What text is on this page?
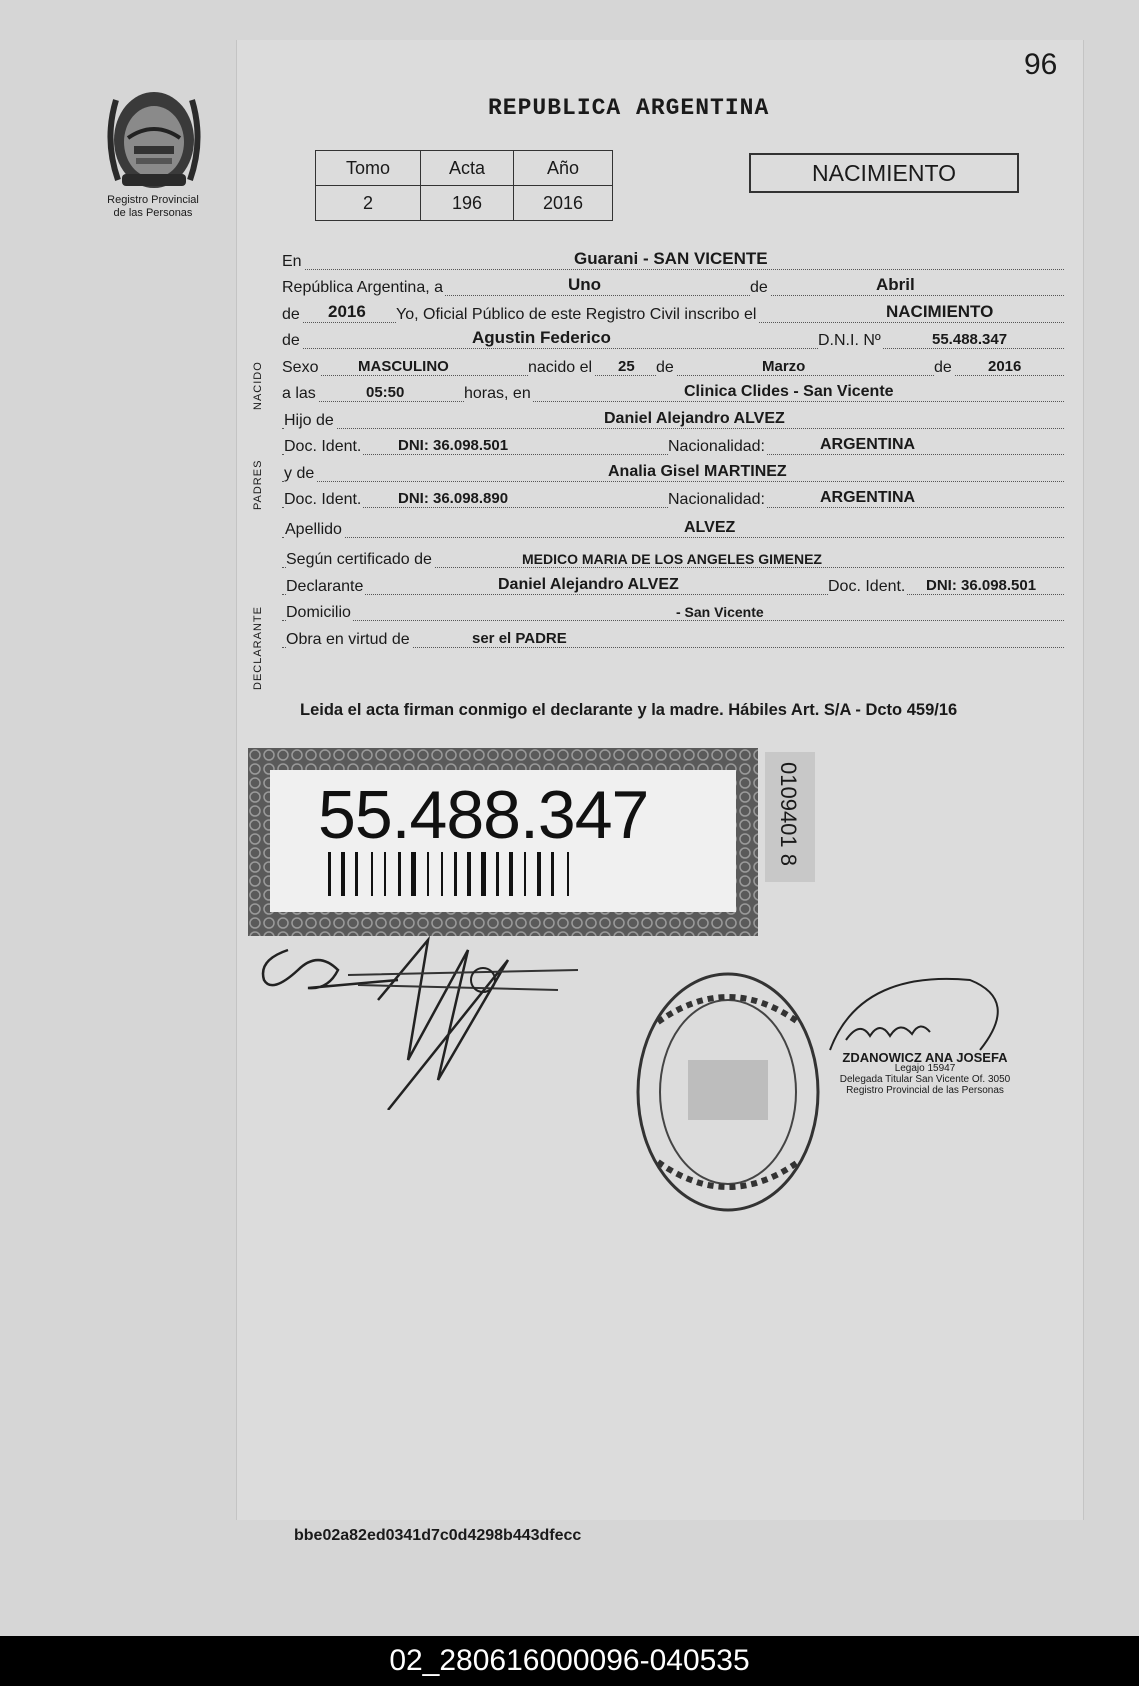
96
Registro Provincial
de las Personas
REPUBLICA ARGENTINA
Tomo	Acta	Año
2	196	2016
NACIMIENTO
NACIDO
PADRES
DECLARANTE
En	Guarani - SAN VICENTE
República Argentina, a	Uno	de	Abril
de 2016 Yo, Oficial Público de este Registro Civil inscribo el	NACIMIENTO
de	Agustin Federico	D.N.I. Nº	55.488.347
Sexo	MASCULINO	nacido el 25 de	Marzo	de 2016
a las	05:50	horas, en	Clinica Clides - San Vicente
Hijo de	Daniel Alejandro ALVEZ
Doc. Ident. DNI: 36.098.501	Nacionalidad:	ARGENTINA
y de	Analia Gisel MARTINEZ
Doc. Ident. DNI: 36.098.890	Nacionalidad:	ARGENTINA
Apellido	ALVEZ
Según certificado de	MEDICO MARIA DE LOS ANGELES GIMENEZ
Declarante	Daniel Alejandro ALVEZ	Doc. Ident. DNI: 36.098.501
Domicilio	- San Vicente
Obra en virtud de	ser el PADRE
Leida el acta firman conmigo el declarante y la madre. Hábiles Art. S/A - Dcto 459/16
55.488.347	0109401 8
ZDANOWICZ ANA JOSEFA
Legajo 15947
Delegada Titular San Vicente Of. 3050
Registro Provincial de las Personas
bbe02a82ed0341d7c0d4298b443dfecc
02_280616000096-040535
